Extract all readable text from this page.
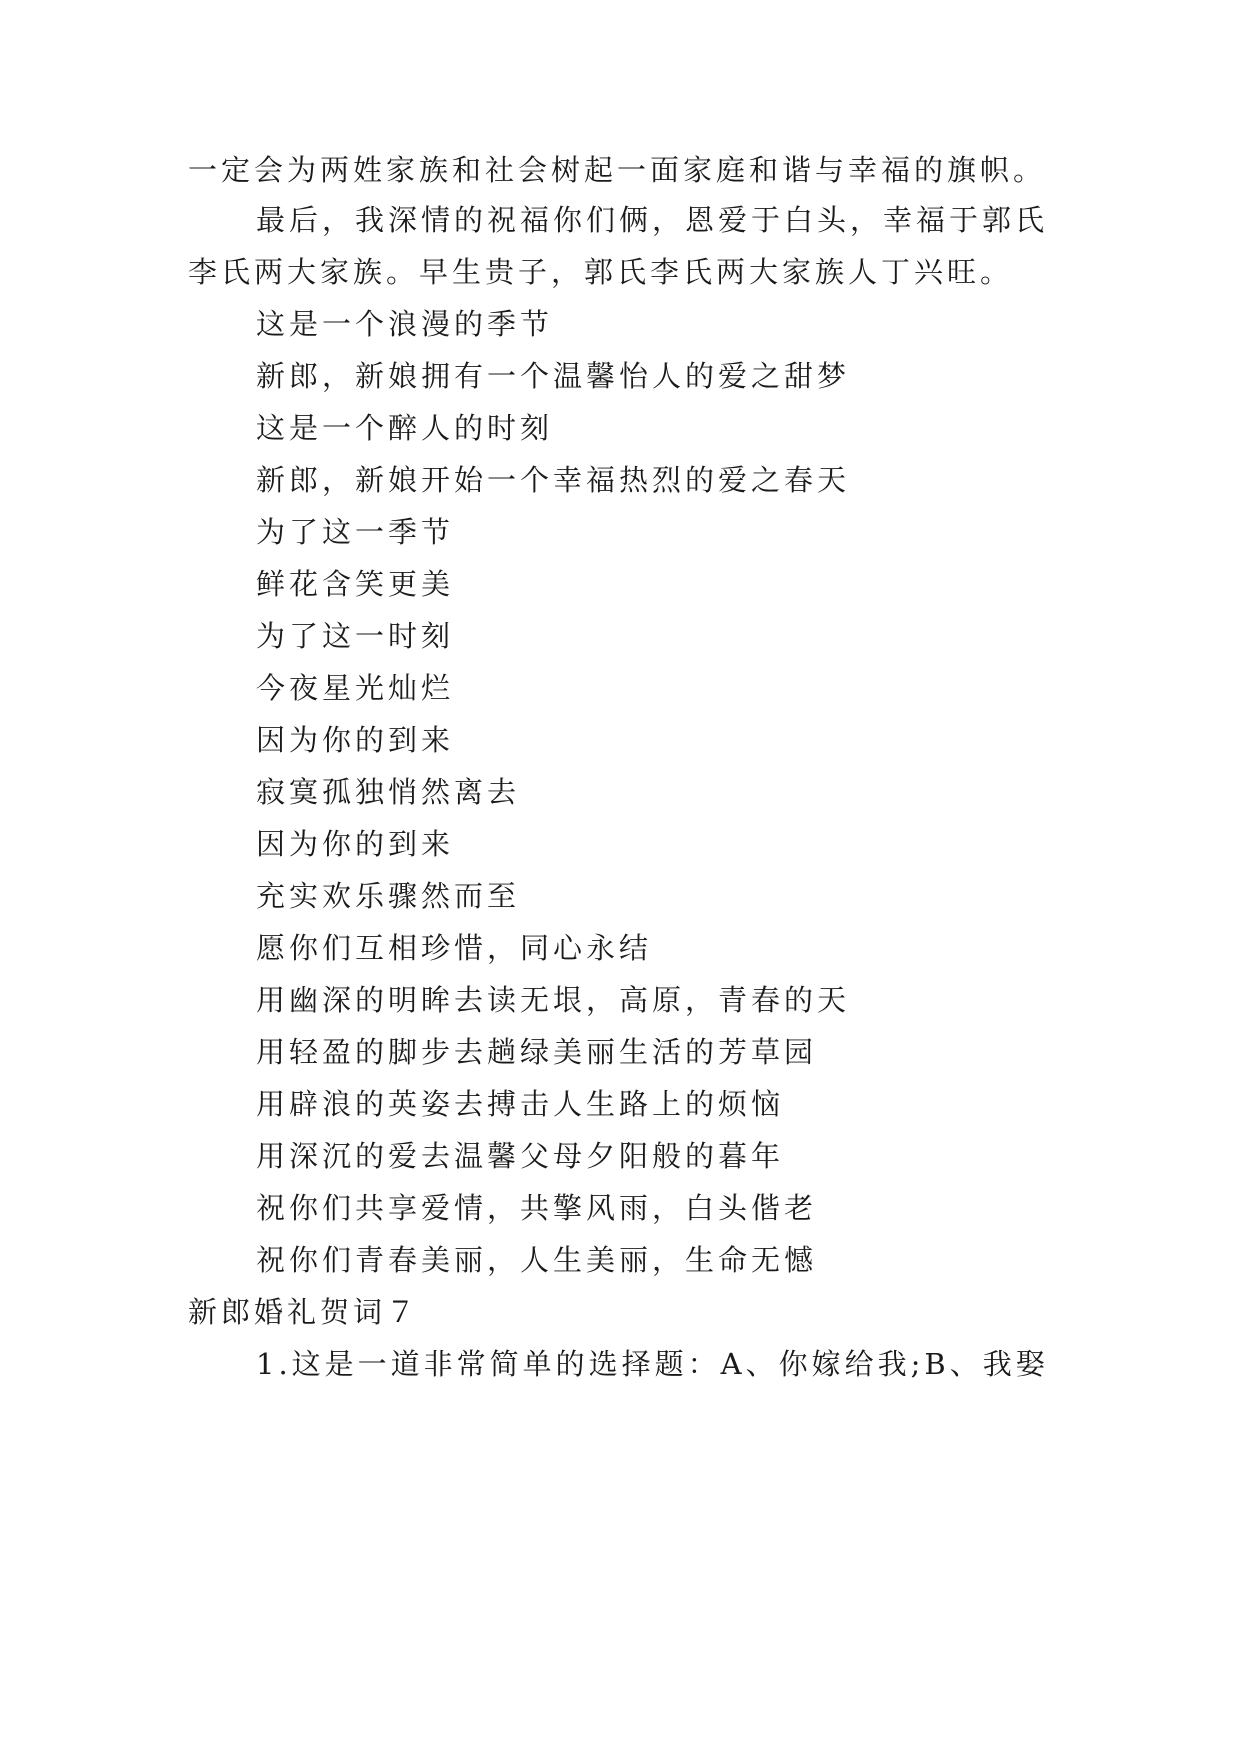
一定会为两姓家族和社会树起一面家庭和谐与幸福的旗帜。
最后，我深情的祝福你们俩，恩爱于白头，幸福于郭氏
李氏两大家族。早生贵子，郭氏李氏两大家族人丁兴旺。
这是一个浪漫的季节
新郎，新娘拥有一个温馨怡人的爱之甜梦
这是一个醉人的时刻
新郎，新娘开始一个幸福热烈的爱之春天
为了这一季节
鲜花含笑更美
为了这一时刻
今夜星光灿烂
因为你的到来
寂寞孤独悄然离去
因为你的到来
充实欢乐骤然而至
愿你们互相珍惜，同心永结
用幽深的明眸去读无垠，高原，青春的天
用轻盈的脚步去趟绿美丽生活的芳草园
用辟浪的英姿去搏击人生路上的烦恼
用深沉的爱去温馨父母夕阳般的暮年
祝你们共享爱情，共擎风雨，白头偕老
祝你们青春美丽，人生美丽，生命无憾
新郎婚礼贺词７
1.这是一道非常简单的选择题：A、你嫁给我;B、我娶
